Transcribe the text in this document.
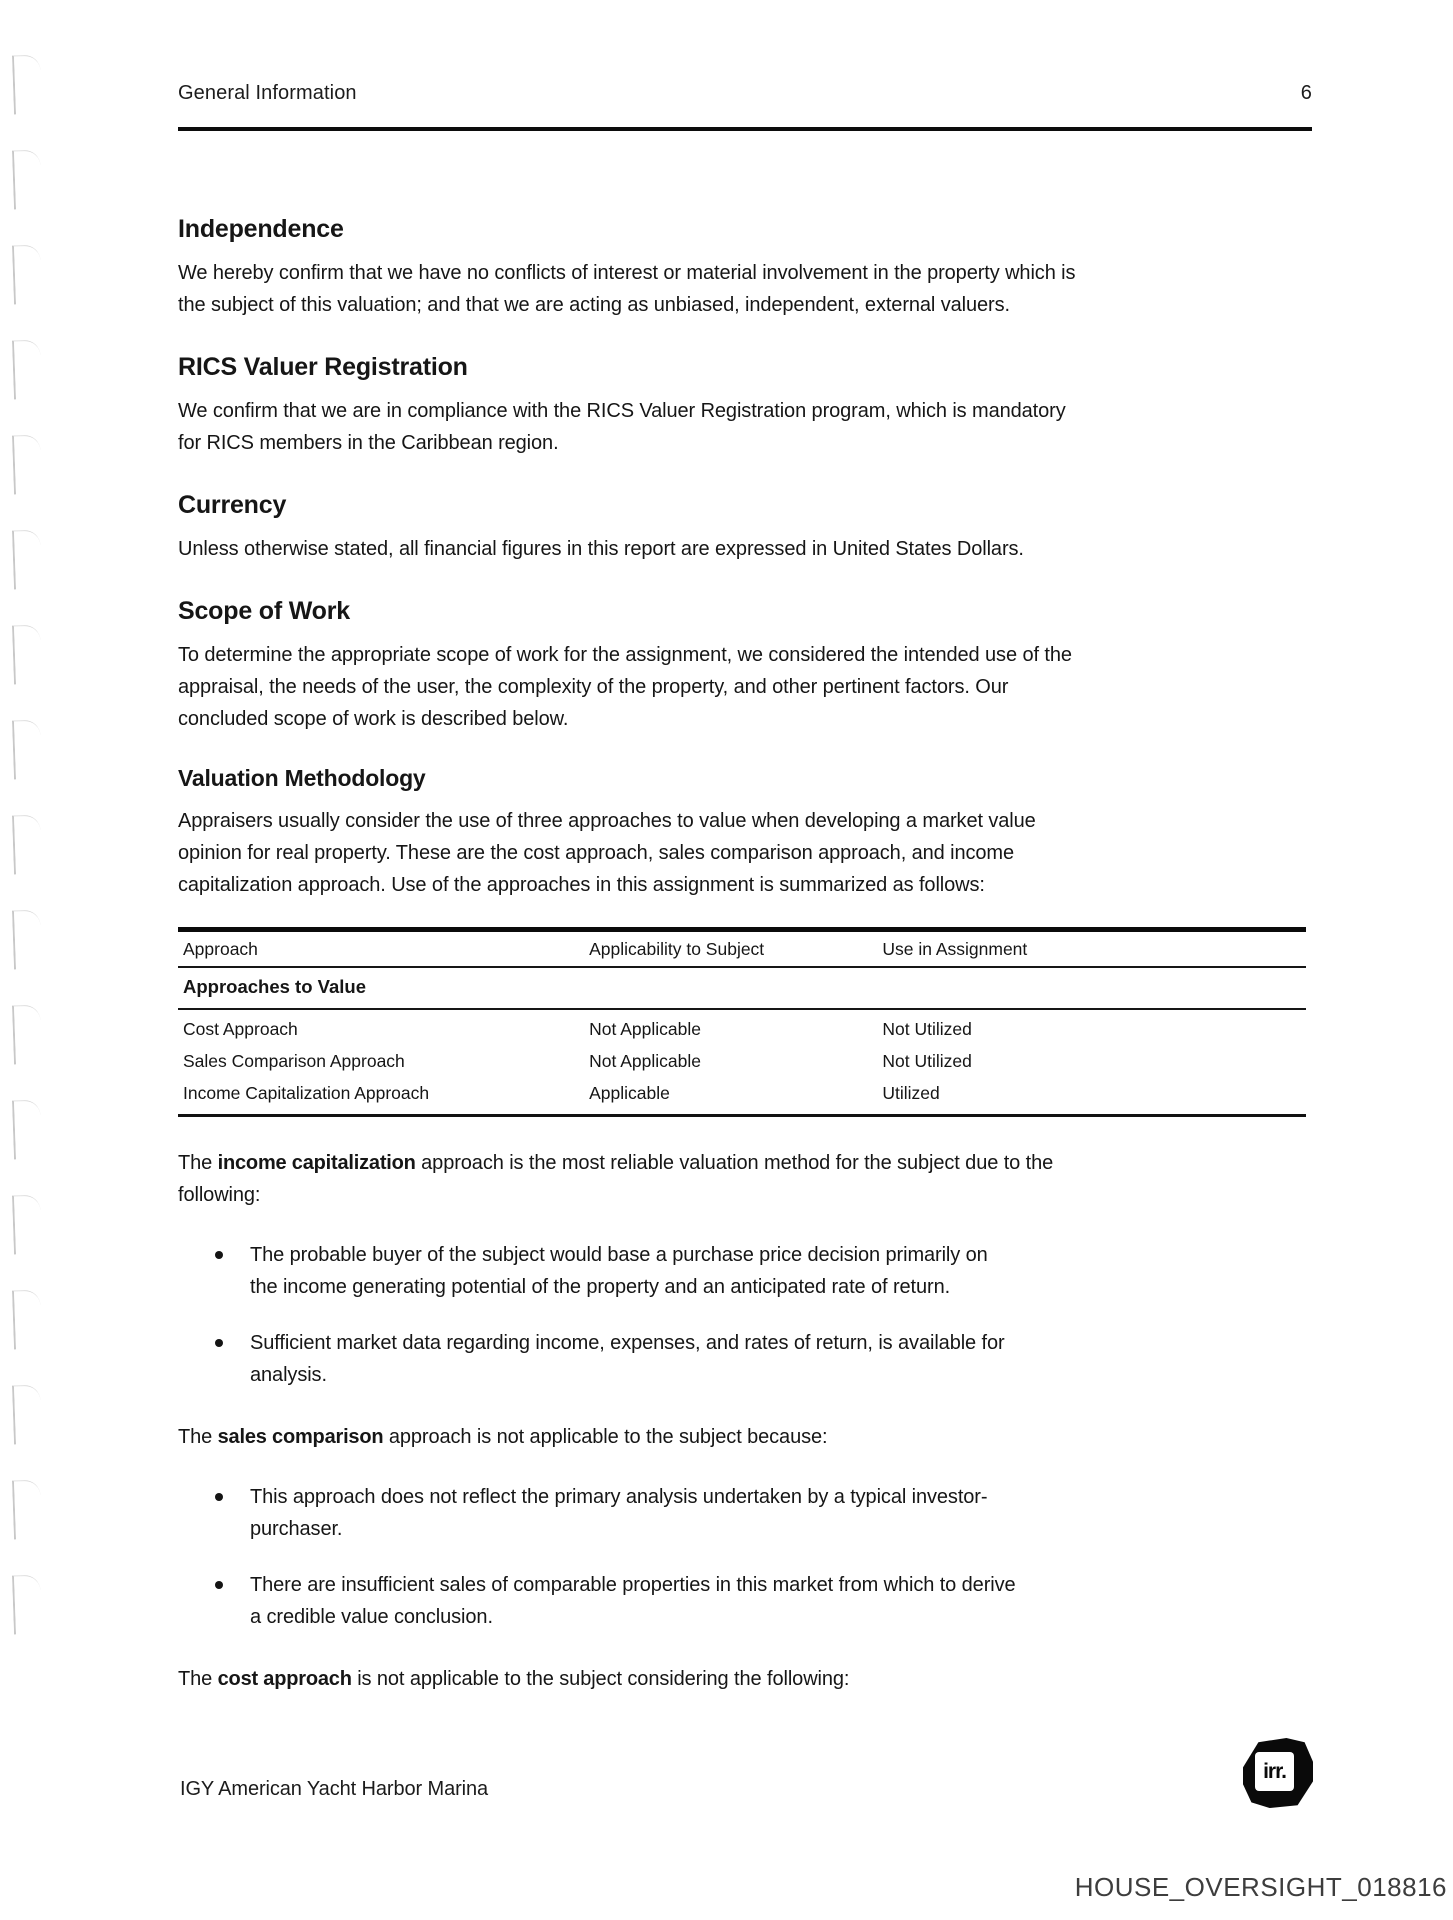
General Information	6
Independence

We hereby confirm that we have no conflicts of interest or material involvement in the property which is the subject of this valuation; and that we are acting as unbiased, independent, external valuers.

RICS Valuer Registration

We confirm that we are in compliance with the RICS Valuer Registration program, which is mandatory for RICS members in the Caribbean region.

Currency

Unless otherwise stated, all financial figures in this report are expressed in United States Dollars.

Scope of Work

To determine the appropriate scope of work for the assignment, we considered the intended use of the appraisal, the needs of the user, the complexity of the property, and other pertinent factors. Our concluded scope of work is described below.

Valuation Methodology

Appraisers usually consider the use of three approaches to value when developing a market value opinion for real property. These are the cost approach, sales comparison approach, and income capitalization approach. Use of the approaches in this assignment is summarized as follows:

Approaches to Value		
Approach	Applicability to Subject	Use in Assignment
Cost Approach	Not Applicable	Not Utilized
Sales Comparison Approach	Not Applicable	Not Utilized
Income Capitalization Approach	Applicable	Utilized

The income capitalization approach is the most reliable valuation method for the subject due to the following:

The probable buyer of the subject would base a purchase price decision primarily on the income generating potential of the property and an anticipated rate of return.
Sufficient market data regarding income, expenses, and rates of return, is available for analysis.

The sales comparison approach is not applicable to the subject because:

This approach does not reflect the primary analysis undertaken by a typical investor-purchaser.
There are insufficient sales of comparable properties in this market from which to derive a credible value conclusion.

The cost approach is not applicable to the subject considering the following:

IGY American Yacht Harbor Marina
irr.
HOUSE_OVERSIGHT_018816
